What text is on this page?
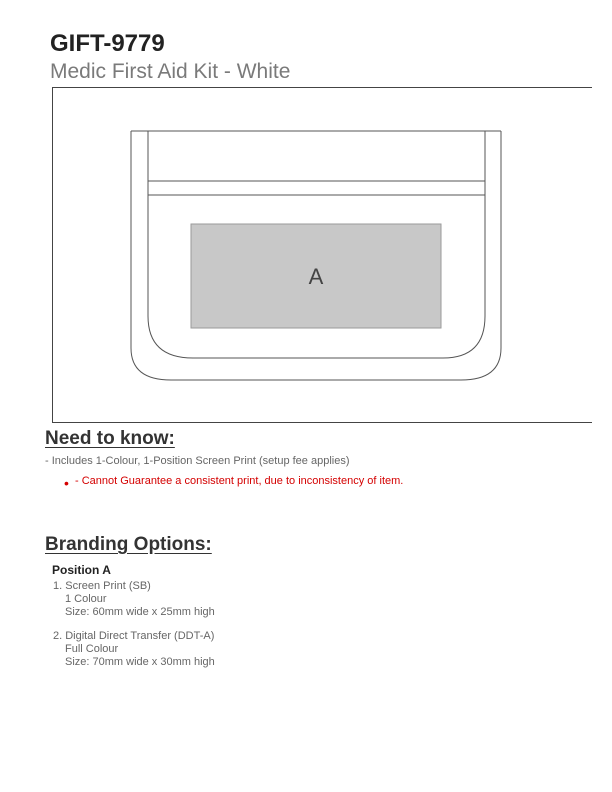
GIFT-9779
Medic First Aid Kit - White
A
Need to know:
- Includes 1-Colour, 1-Position Screen Print (setup fee applies)
• - Cannot Guarantee a consistent print, due to inconsistency of item.
Branding Options:
Position A
1. Screen Print (SB)
1 Colour
Size: 60mm wide x 25mm high
2. Digital Direct Transfer (DDT-A)
Full Colour
Size: 70mm wide x 30mm high
